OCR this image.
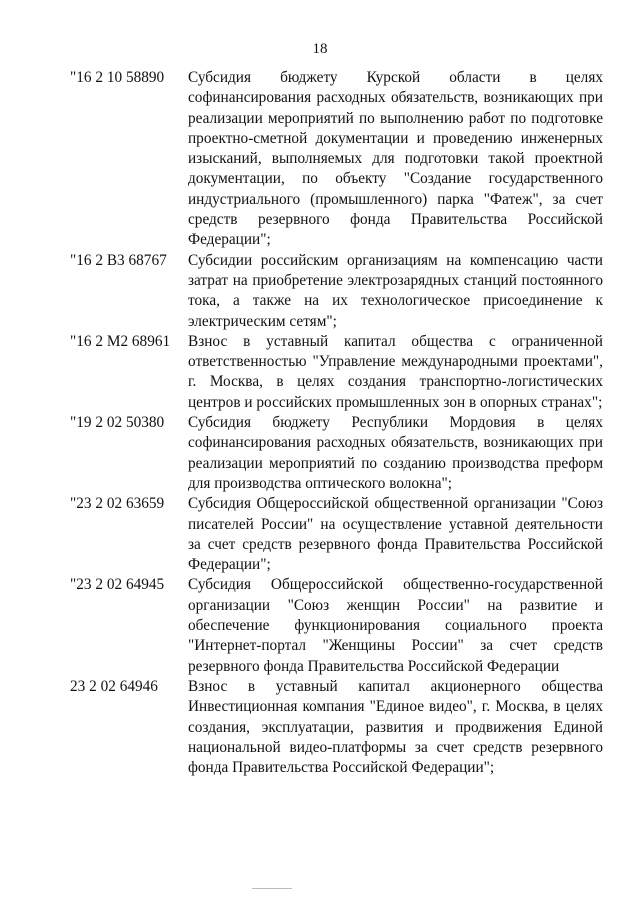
18
"16 2 10 58890	Субсидия бюджету Курской области в целях софинансирования расходных обязательств, возникающих при реализации мероприятий по выполнению работ по подготовке проектно-сметной документации и проведению инженерных изысканий, выполняемых для подготовки такой проектной документации, по объекту "Создание государственного индустриального (промышленного) парка "Фатеж", за счет средств резервного фонда Правительства Российской Федерации";
"16 2 В3 68767	Субсидии российским организациям на компенсацию части затрат на приобретение электрозарядных станций постоянного тока, а также на их технологическое присоединение к электрическим сетям";
"16 2 М2 68961	Взнос в уставный капитал общества с ограниченной ответственностью "Управление международными проектами", г. Москва, в целях создания транспортно-логистических центров и российских промышленных зон в опорных странах";
"19 2 02 50380	Субсидия бюджету Республики Мордовия в целях софинансирования расходных обязательств, возникающих при реализации мероприятий по созданию производства преформ для производства оптического волокна";
"23 2 02 63659	Субсидия Общероссийской общественной организации "Союз писателей России" на осуществление уставной деятельности за счет средств резервного фонда Правительства Российской Федерации";
"23 2 02 64945	Субсидия Общероссийской общественно-государственной организации "Союз женщин России" на развитие и обеспечение функционирования социального проекта "Интернет-портал "Женщины России" за счет средств резервного фонда Правительства Российской Федерации
23 2 02 64946	Взнос в уставный капитал акционерного общества Инвестиционная компания "Единое видео", г. Москва, в целях создания, эксплуатации, развития и продвижения Единой национальной видео-платформы за счет средств резервного фонда Правительства Российской Федерации";
